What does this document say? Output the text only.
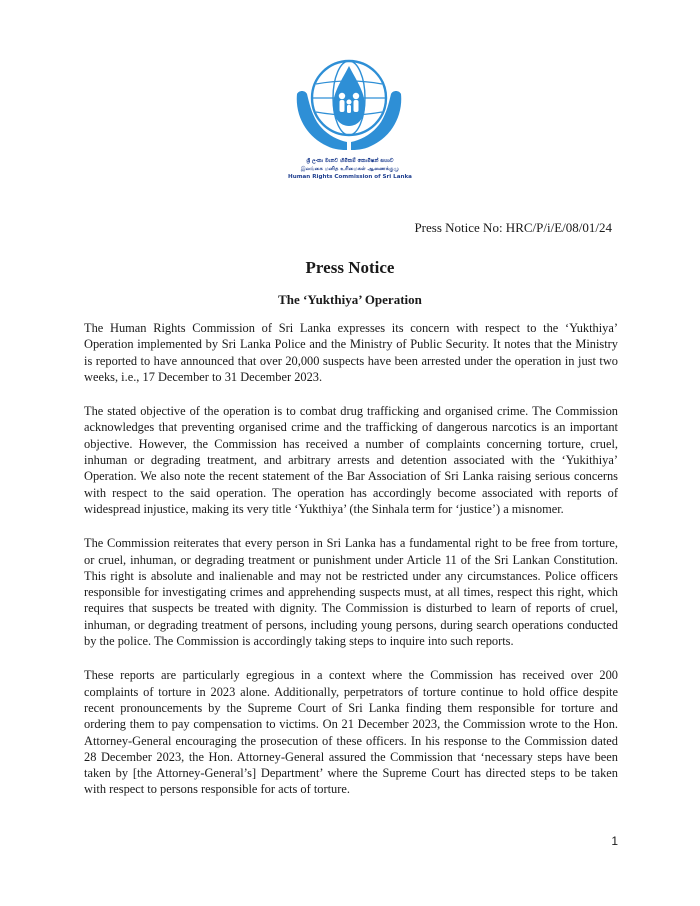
ශ්‍රී ලංකා මානව හිමිකම් කොමිෂන් සභාව
இலங்கை மனித உரிமைகள் ஆணைக்குழு
Human Rights Commission of Sri Lanka
Press Notice No: HRC/P/i/E/08/01/24
Press Notice
The ‘Yukthiya’ Operation

The Human Rights Commission of Sri Lanka expresses its concern with respect to the ‘Yukthiya’ Operation implemented by Sri Lanka Police and the Ministry of Public Security. It notes that the Ministry is reported to have announced that over 20,000 suspects have been arrested under the operation in just two weeks, i.e., 17 December to 31 December 2023.

The stated objective of the operation is to combat drug trafficking and organised crime. The Commission acknowledges that preventing organised crime and the trafficking of dangerous narcotics is an important objective. However, the Commission has received a number of complaints concerning torture, cruel, inhuman or degrading treatment, and arbitrary arrests and detention associated with the ‘Yukithiya’ Operation. We also note the recent statement of the Bar Association of Sri Lanka raising serious concerns with respect to the said operation. The operation has accordingly become associated with reports of widespread injustice, making its very title ‘Yukthiya’ (the Sinhala term for ‘justice’) a misnomer.

The Commission reiterates that every person in Sri Lanka has a fundamental right to be free from torture, or cruel, inhuman, or degrading treatment or punishment under Article 11 of the Sri Lankan Constitution. This right is absolute and inalienable and may not be restricted under any circumstances. Police officers responsible for investigating crimes and apprehending suspects must, at all times, respect this right, which requires that suspects be treated with dignity. The Commission is disturbed to learn of reports of cruel, inhuman, or degrading treatment of persons, including young persons, during search operations conducted by the police. The Commission is accordingly taking steps to inquire into such reports.

These reports are particularly egregious in a context where the Commission has received over 200 complaints of torture in 2023 alone. Additionally, perpetrators of torture continue to hold office despite recent pronouncements by the Supreme Court of Sri Lanka finding them responsible for torture and ordering them to pay compensation to victims. On 21 December 2023, the Commission wrote to the Hon. Attorney-General encouraging the prosecution of these officers. In his response to the Commission dated 28 December 2023, the Hon. Attorney-General assured the Commission that ‘necessary steps have been taken by [the Attorney-General’s] Department’ where the Supreme Court has directed steps to be taken with respect to persons responsible for acts of torture.

1
